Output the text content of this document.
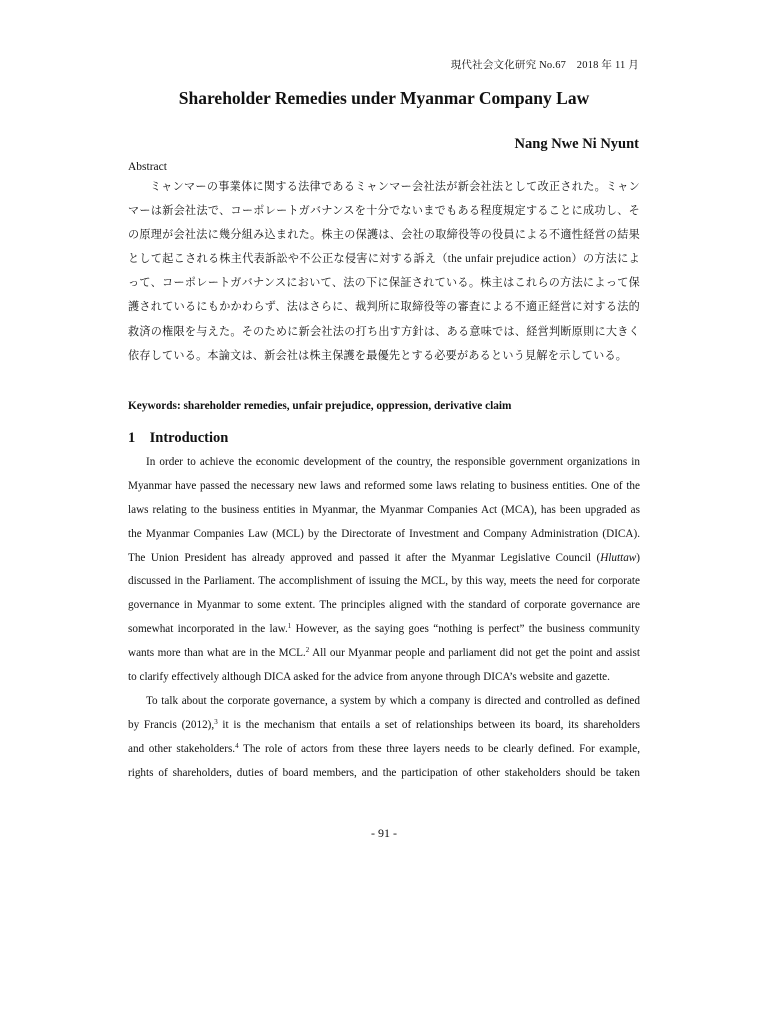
現代社会文化研究 No.67　2018 年 11 月
Shareholder Remedies under Myanmar Company Law
Nang Nwe Ni Nyunt
Abstract

ミャンマーの事業体に関する法律であるミャンマー会社法が新会社法として改正された。ミャンマーは新会社法で、コーポレートガバナンスを十分でないまでもある程度規定することに成功し、その原理が会社法に幾分組み込まれた。株主の保護は、会社の取締役等の役員による不適性経営の結果として起こされる株主代表訴訟や不公正な侵害に対する訴え（the unfair prejudice action）の方法によって、コーポレートガバナンスにおいて、法の下に保証されている。株主はこれらの方法によって保護されているにもかかわらず、法はさらに、裁判所に取締役等の審査による不適正経営に対する法的救済の権限を与えた。そのために新会社法の打ち出す方針は、ある意味では、経営判断原則に大きく依存している。本論文は、新会社は株主保護を最優先とする必要があるという見解を示している。

Keywords: shareholder remedies, unfair prejudice, oppression, derivative claim
1 Introduction
In order to achieve the economic development of the country, the responsible government organizations in
Myanmar have passed the necessary new laws and reformed some laws relating to business entities. One of the
laws relating to the business entities in Myanmar, the Myanmar Companies Act (MCA), has been upgraded as
the Myanmar Companies Law (MCL) by the Directorate of Investment and Company Administration (DICA).
The Union President has already approved and passed it after the Myanmar Legislative Council (Hluttaw)
discussed in the Parliament. The accomplishment of issuing the MCL, by this way, meets the need for corporate
governance in Myanmar to some extent. The principles aligned with the standard of corporate governance are
somewhat incorporated in the law.$^1$ However, as the saying goes “nothing is perfect” the business community
wants more than what are in the MCL.$^2$ All our Myanmar people and parliament did not get the point and assist
to clarify effectively although DICA asked for the advice from anyone through DICA’s website and gazette.
To talk about the corporate governance, a system by which a company is directed and controlled as defined
by Francis (2012),$^3$ it is the mechanism that entails a set of relationships between its board, its shareholders
and other stakeholders.$^4$ The role of actors from these three layers needs to be clearly defined. For example,
rights of shareholders, duties of board members, and the participation of other stakeholders should be taken
- 91 -
